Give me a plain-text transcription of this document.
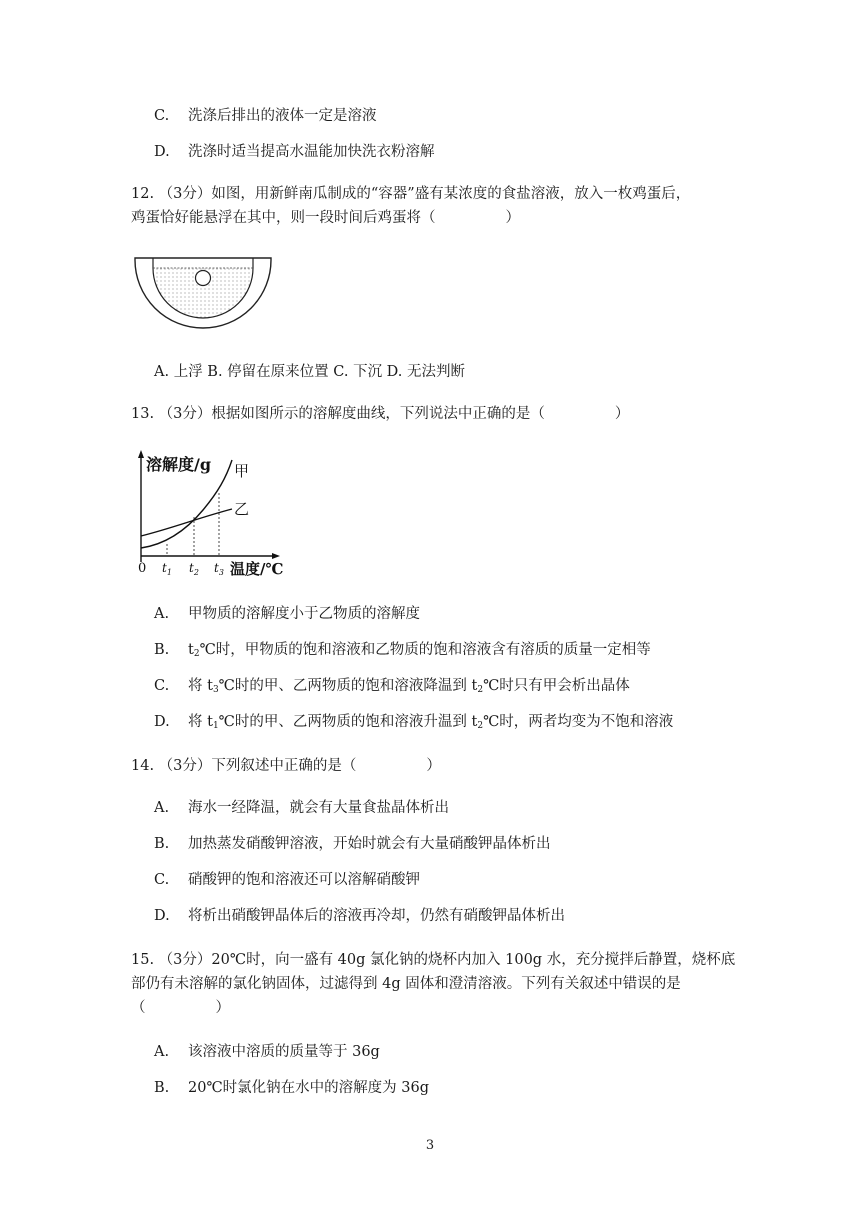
C. 洗涤后排出的液体一定是溶液
D. 洗涤时适当提高水温能加快洗衣粉溶解
12. （3分）如图，用新鲜南瓜制成的“容器”盛有某浓度的食盐溶液，放入一枚鸡蛋后，
鸡蛋恰好能悬浮在其中，则一段时间后鸡蛋将（	）
A. 上浮 B. 停留在原来位置 C. 下沉 D. 无法判断
13. （3分）根据如图所示的溶解度曲线，下列说法中正确的是（	）
溶解度/g 甲
乙
0 $t_1$ $t_2$ $t_3$ 温度/℃
A. 甲物质的溶解度小于乙物质的溶解度
B. $t_2℃$时，甲物质的饱和溶液和乙物质的饱和溶液含有溶质的质量一定相等
C. 将 $t_3℃$时的甲、乙两物质的饱和溶液降温到 $t_2℃$时只有甲会析出晶体
D. 将 $t_1℃$时的甲、乙两物质的饱和溶液升温到 $t_2℃$时，两者均变为不饱和溶液
14. （3分）下列叙述中正确的是（	）
A. 海水一经降温，就会有大量食盐晶体析出
B. 加热蒸发硝酸钾溶液，开始时就会有大量硝酸钾晶体析出
C. 硝酸钾的饱和溶液还可以溶解硝酸钾
D. 将析出硝酸钾晶体后的溶液再冷却，仍然有硝酸钾晶体析出
15. （3分）20℃时，向一盛有 40g 氯化钠的烧杯内加入 100g 水，充分搅拌后静置，烧杯底
部仍有未溶解的氯化钠固体，过滤得到 4g 固体和澄清溶液。下列有关叙述中错误的是
（	）
A. 该溶液中溶质的质量等于 36g
B. 20℃时氯化钠在水中的溶解度为 36g
3
